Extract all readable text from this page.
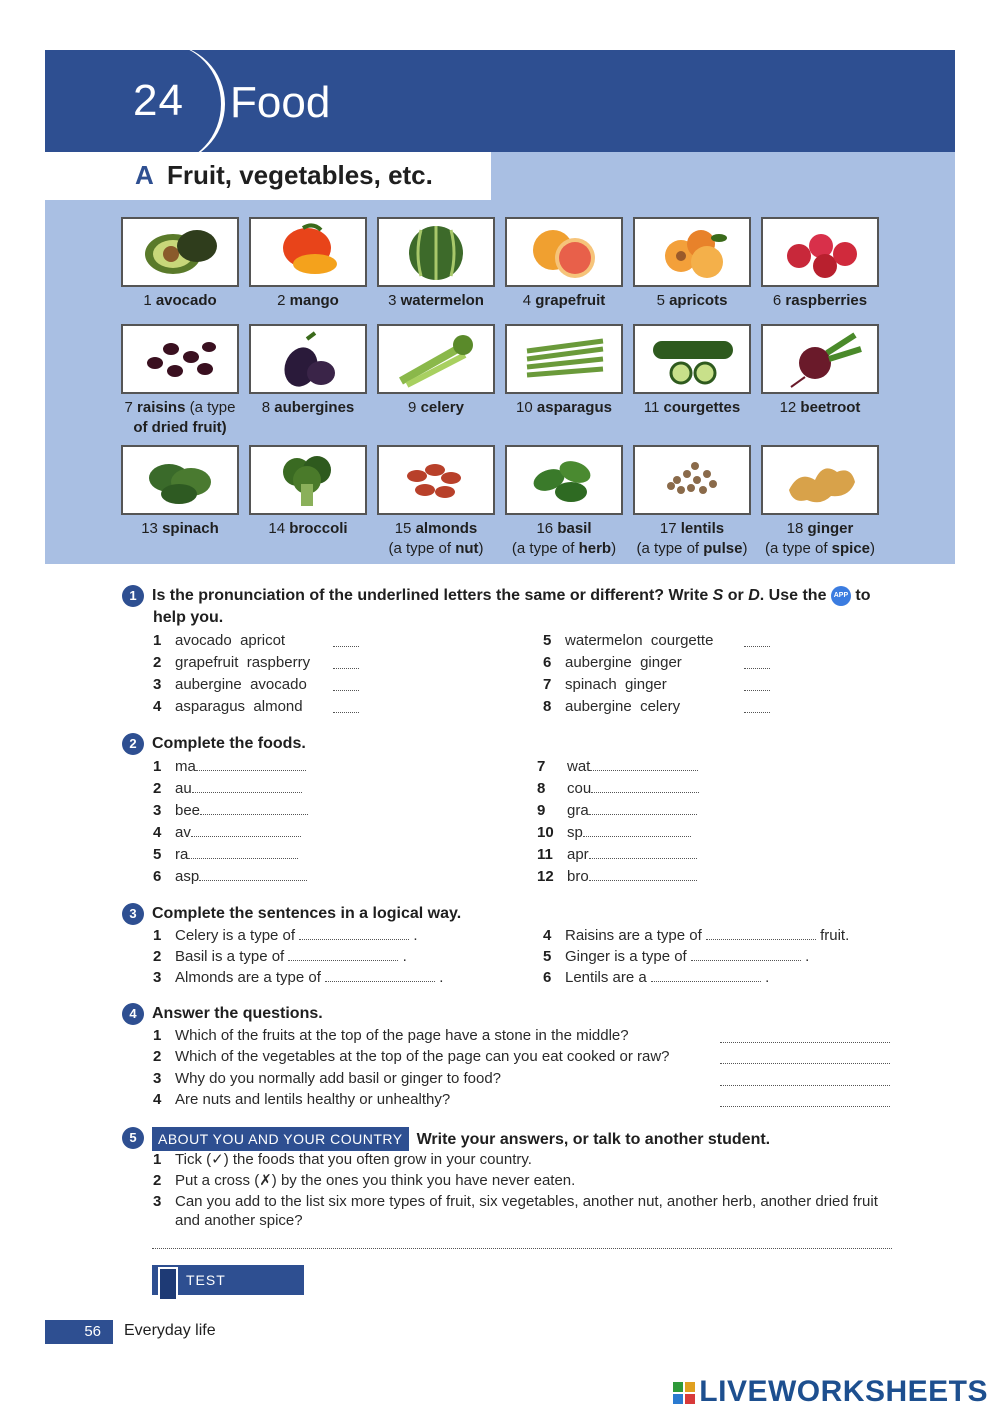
24 Food
A Fruit, vegetables, etc.
1 avocado	2 mango	3 watermelon	4 grapefruit	5 apricots	6 raspberries
7 raisins (a type
of dried fruit)
8 aubergines	9 celery	10 asparagus	11 courgettes	12 beetroot
13 spinach	14 broccoli	15 almonds
(a type of nut)
16 basil
(a type of herb)
17 lentils
(a type of pulse)
18 ginger
(a type of spice)
1 Is the pronunciation of the underlined letters the same or different? Write S or D. Use the APP to
help you.
1 avocado apricot
2 grapefruit raspberry
3 aubergine avocado
4 asparagus almond
5 watermelon courgette
6 aubergine ginger
7 spinach ginger
8 aubergine celery
2 Complete the foods.
1 ma
2 au
3 bee
4 av
5 ra
6 asp
7 wat
8 cou
9 gra
10 sp
11 apr
12 bro
3 Complete the sentences in a logical way.
1 Celery is a type of	.
2 Basil is a type of	.
3 Almonds are a type of	.
4 Raisins are a type of	fruit.
5 Ginger is a type of	.
6 Lentils are a	.
4 Answer the questions.
1 Which of the fruits at the top of the page have a stone in the middle?
2 Which of the vegetables at the top of the page can you eat cooked or raw?
3 Why do you normally add basil or ginger to food?
4 Are nuts and lentils healthy or unhealthy?
5 ABOUT YOU AND YOUR COUNTRY Write your answers, or talk to another student.
1 Tick (✓) the foods that you often grow in your country.
2 Put a cross (✗) by the ones you think you have never eaten.
3 Can you add to the list six more types of fruit, six vegetables, another nut, another herb, another dried fruit
and another spice?
TEST YOURSELF
56	Everyday life
LIVEWORKSHEETS
